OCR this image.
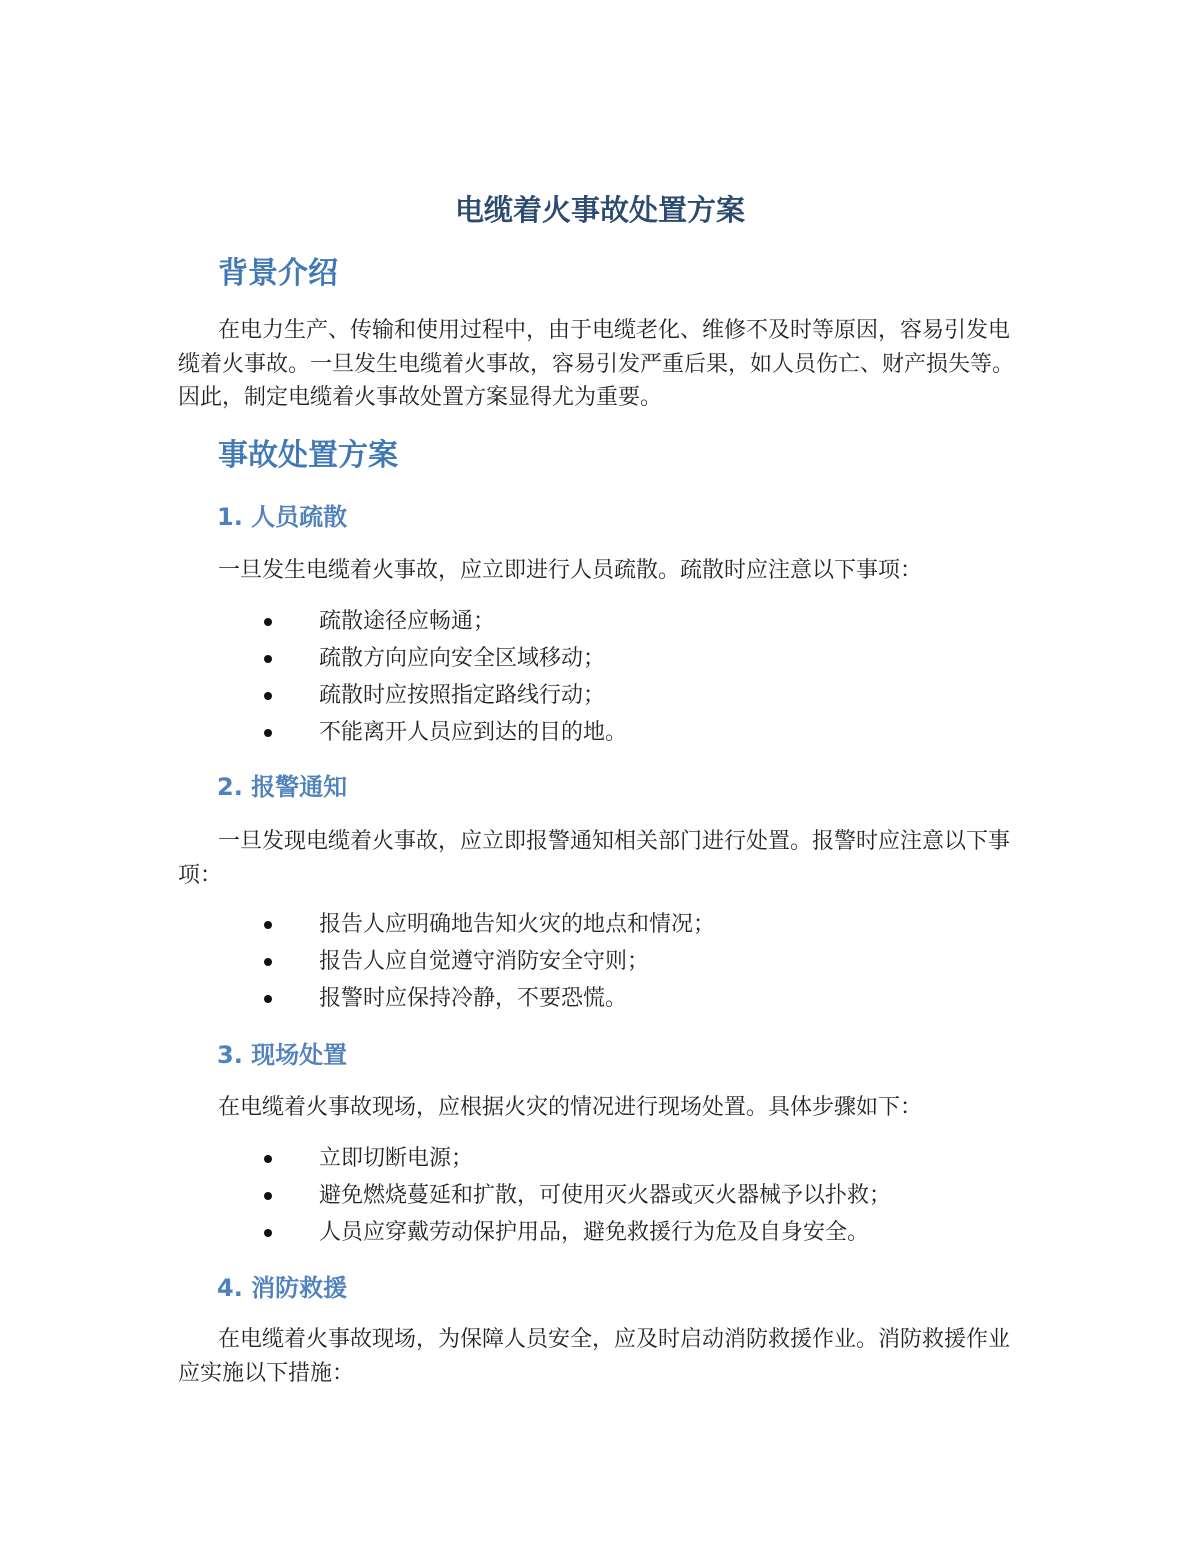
电缆着火事故处置方案
背景介绍

在电力生产、传输和使用过程中，由于电缆老化、维修不及时等原因，容易引发电缆着火事故。一旦发生电缆着火事故，容易引发严重后果，如人员伤亡、财产损失等。因此，制定电缆着火事故处置方案显得尤为重要。

事故处置方案
1. 人员疏散

一旦发生电缆着火事故，应立即进行人员疏散。疏散时应注意以下事项：

疏散途径应畅通；
疏散方向应向安全区域移动；
疏散时应按照指定路线行动；
不能离开人员应到达的目的地。
2. 报警通知

一旦发现电缆着火事故，应立即报警通知相关部门进行处置。报警时应注意以下事项：

报告人应明确地告知火灾的地点和情况；
报告人应自觉遵守消防安全守则；
报警时应保持冷静，不要恐慌。
3. 现场处置

在电缆着火事故现场，应根据火灾的情况进行现场处置。具体步骤如下：

立即切断电源；
避免燃烧蔓延和扩散，可使用灭火器或灭火器械予以扑救；
人员应穿戴劳动保护用品，避免救援行为危及自身安全。
4. 消防救援

在电缆着火事故现场，为保障人员安全，应及时启动消防救援作业。消防救援作业应实施以下措施：
